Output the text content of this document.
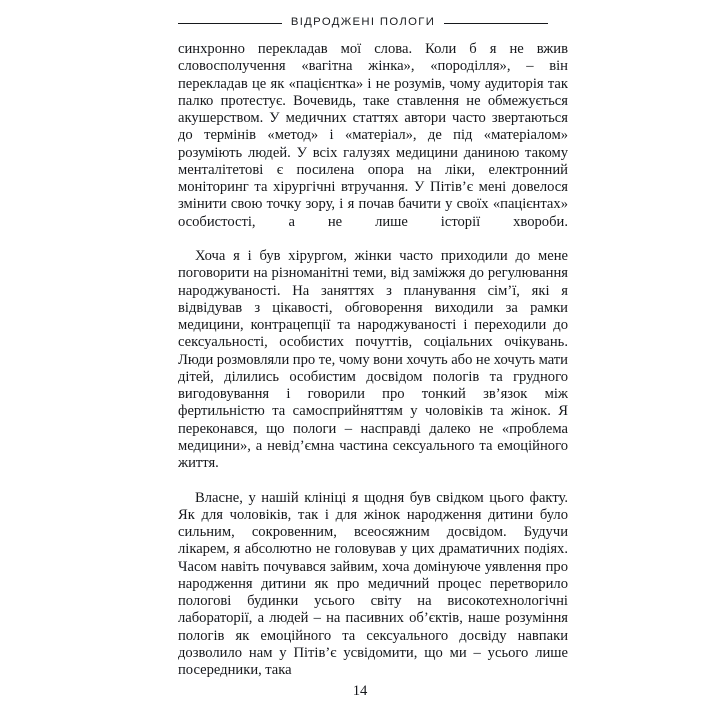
ВІДРОДЖЕНІ ПОЛОГИ

синхронно перекладав мої слова. Коли б я не вжив словосполучення «вагітна жінка», «породілля», – він перекладав це як «пацієнтка» і не розумів, чому аудиторія так палко протестує. Вочевидь, таке ставлення не обмежується акушерством. У медичних статтях автори часто звертаються до термінів «метод» і «матеріал», де під «матеріалом» розуміють людей. У всіх галузях медицини даниною такому менталітетові є посилена опора на ліки, електронний моніторинг та хірургічні втручання. У Пітів’є мені довелося змінити свою точку зору, і я почав бачити у своїх «пацієнтах» особистості, а не лише історії хвороби.

Хоча я і був хірургом, жінки часто приходили до мене поговорити на різноманітні теми, від заміжжя до регулювання народжуваності. На заняттях з планування сім’ї, які я відвідував з цікавості, обговорення виходили за рамки медицини, контрацепції та народжуваності і переходили до сексуальності, особистих почуттів, соціальних очікувань. Люди розмовляли про те, чому вони хочуть або не хочуть мати дітей, ділились особистим досвідом пологів та грудного вигодовування і говорили про тонкий зв’язок між фертильністю та самосприйняттям у чоловіків та жінок. Я переконався, що пологи – насправді далеко не «проблема медицини», а невід’ємна частина сексуального та емоційного життя.

Власне, у нашій клініці я щодня був свідком цього факту. Як для чоловіків, так і для жінок народження дитини було сильним, сокровенним, всеосяжним досвідом. Будучи лікарем, я абсолютно не головував у цих драматичних подіях. Часом навіть почувався зайвим, хоча домінуюче уявлення про народження дитини як про медичний процес перетворило пологові будинки усього світу на високотехнологічні лабораторії, а людей – на пасивних об’єктів, наше розуміння пологів як емоційного та сексуального досвіду навпаки дозволило нам у Пітів’є усвідомити, що ми – усього лише посередники, така

14
